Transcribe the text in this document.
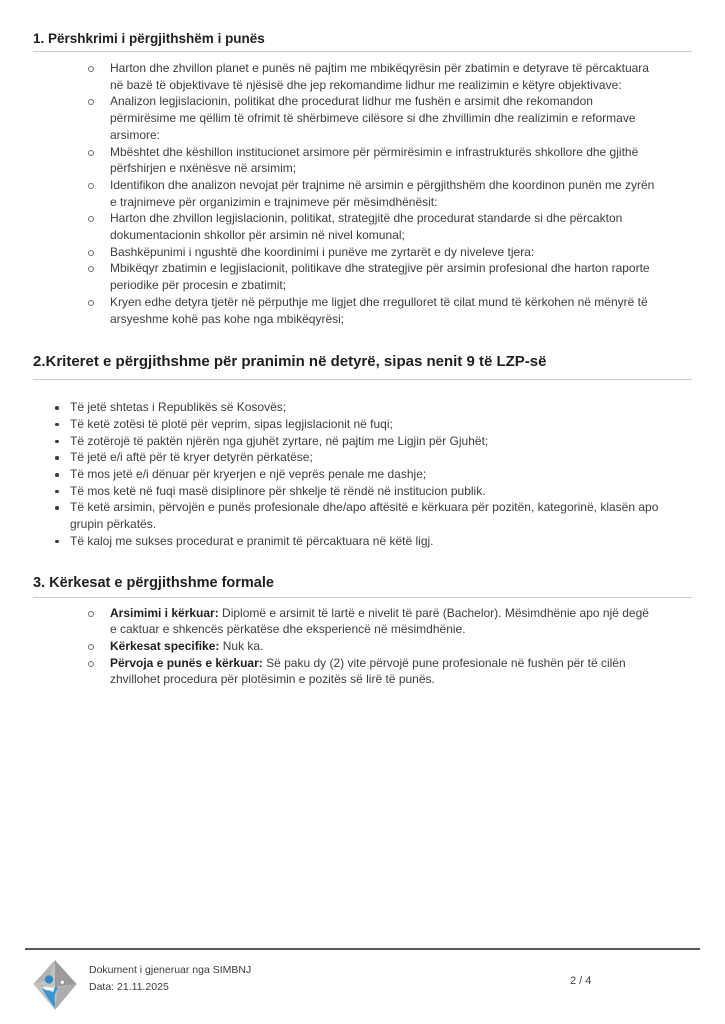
1. Përshkrimi i përgjithshëm i punës
Harton dhe zhvillon planet e punës në pajtim me mbikëqyrësin për zbatimin e detyrave të përcaktuara në bazë të objektivave të njësisë dhe jep rekomandime lidhur me realizimin e këtyre objektivave:
Analizon legjislacionin, politikat dhe procedurat lidhur me fushën e arsimit dhe rekomandon përmirësime me qëllim të ofrimit të shërbimeve cilësore si dhe zhvillimin dhe realizimin e reformave arsimore:
Mbështet dhe këshillon institucionet arsimore për përmirësimin e infrastrukturës shkollore dhe gjithë përfshirjen e nxënësve në arsimim;
Identifikon dhe analizon nevojat për trajnime në arsimin e përgjithshëm dhe koordinon punën me zyrën e trajnimeve për organizimin e trajnimeve për mësimdhënësit:
Harton dhe zhvillon legjislacionin, politikat, strategjitë dhe procedurat standarde si dhe përcakton dokumentacionin shkollor për arsimin në nivel komunal;
Bashkëpunimi i ngushtë dhe koordinimi i punëve me zyrtarët e dy niveleve tjera:
Mbikëqyr zbatimin e legjislacionit, politikave dhe strategjive për arsimin profesional dhe harton raporte periodike për procesin e zbatimit;
Kryen edhe detyra tjetër në përputhje me ligjet dhe rregulloret të cilat mund të kërkohen në mënyrë të arsyeshme kohë pas kohe nga mbikëqyrësi;
2.Kriteret e përgjithshme për pranimin në detyrë, sipas nenit 9 të LZP-së
Të jetë shtetas i Republikës së Kosovës;
Të ketë zotësi të plotë për veprim, sipas legjislacionit në fuqi;
Të zotërojë të paktën njërën nga gjuhët zyrtare, në pajtim me Ligjin për Gjuhët;
Të jetë e/i aftë për të kryer detyrën përkatëse;
Të mos jetë e/i dënuar për kryerjen e një veprës penale me dashje;
Të mos ketë në fuqi masë disiplinore për shkelje të rëndë në institucion publik.
Të ketë arsimin, përvojën e punës profesionale dhe/apo aftësitë e kërkuara për pozitën, kategorinë, klasën apo grupin përkatës.
Të kaloj me sukses procedurat e pranimit të përcaktuara në këtë ligj.
3. Kërkesat e përgjithshme formale
Arsimimi i kërkuar: Diplomë e arsimit të lartë e nivelit të parë (Bachelor). Mësimdhënie apo një degë e caktuar e shkencës përkatëse dhe eksperiencë në mësimdhënie.
Kërkesat specifike: Nuk ka.
Përvoja e punës e kërkuar: Së paku dy (2) vite përvojë pune profesionale në fushën për të cilën zhvillohet procedura për plotësimin e pozitës së lirë të punës.
Dokument i gjeneruar nga SIMBNJ
Data: 21.11.2025	2 / 4
